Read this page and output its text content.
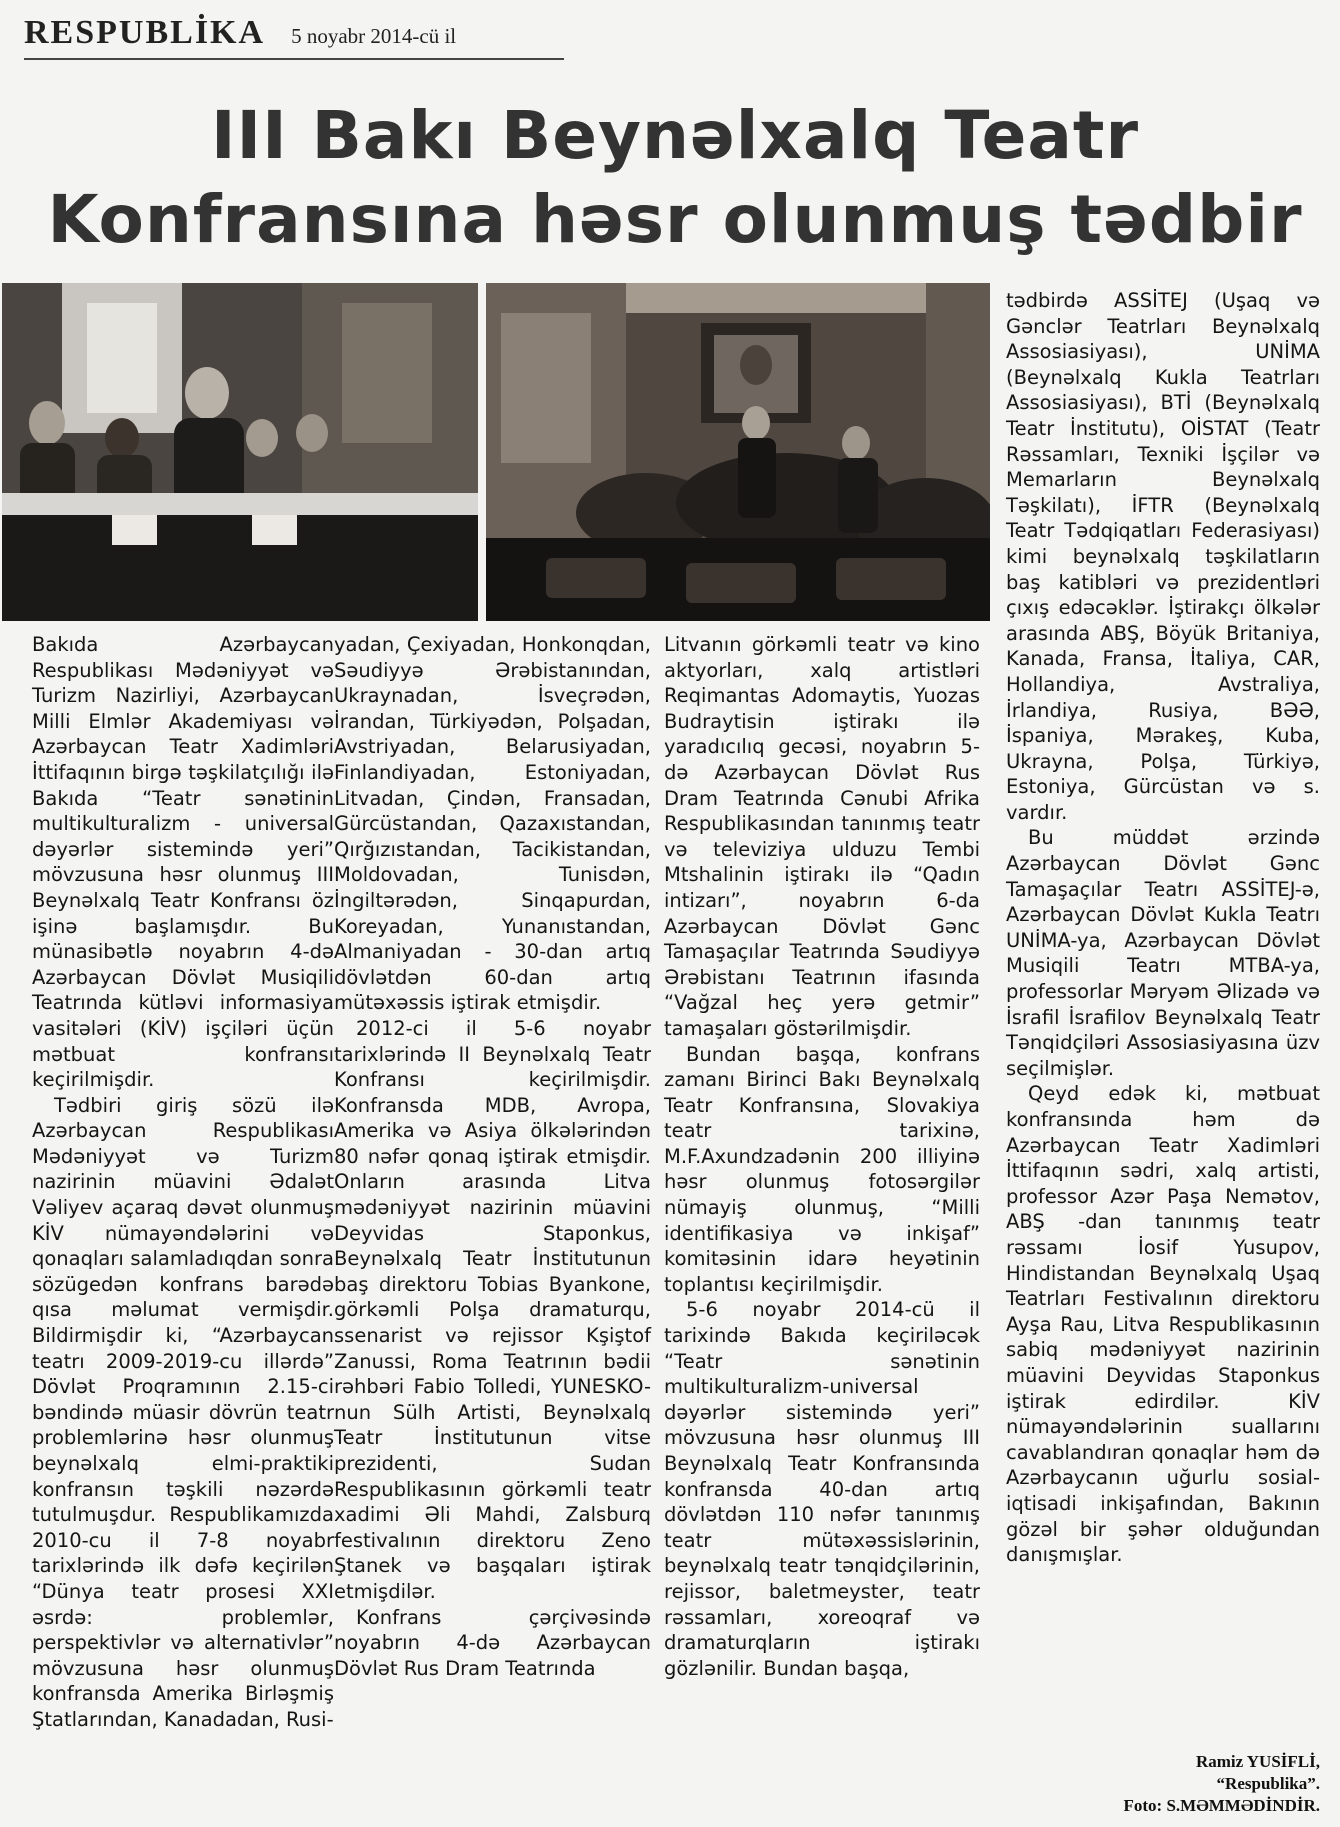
RESPUBLİKA 5 noyabr 2014-cü il
III Bakı Beynəlxalq Teatr
Konfransına həsr olunmuş tədbir

Bakıda Azərbaycan Respublikası Mədəniyyət və Turizm Nazirliyi, Azərbaycan Milli Elmlər Akademiyası və Azərbaycan Teatr Xadimləri İttifaqının birgə təşkilatçılığı ilə Bakıda “Teatr sənətinin multikulturalizm - universal dəyərlər sistemində yeri” mövzusuna həsr olunmuş III Beynəlxalq Teatr Konfransı öz işinə başlamışdır. Bu münasibətlə noyabrın 4-də Azərbaycan Dövlət Musiqili Teatrında kütləvi informasiya vasitələri (KİV) işçiləri üçün mətbuat konfransı keçirilmişdir.

Tədbiri giriş sözü ilə Azərbaycan Respublikası Mədəniyyət və Turizm nazirinin müavini Ədalət Vəliyev açaraq dəvət olunmuş KİV nümayəndələrini və qonaqları salamladıqdan sonra sözügedən konfrans barədə qısa məlumat vermişdir. Bildirmişdir ki, “Azərbaycan teatrı 2009-2019-cu illərdə” Dövlət Proqramının 2.15-ci bəndində müasir dövrün teatr problemlərinə həsr olunmuş beynəlxalq elmi-praktiki konfransın təşkili nəzərdə tutulmuşdur. Respublikamızda 2010-cu il 7-8 noyabr tarixlərində ilk dəfə keçirilən “Dünya teatr prosesi XXI əsrdə: problemlər, perspektivlər və alternativlər” mövzusuna həsr olunmuş konfransda Amerika Birləşmiş Ştatlarından, Kanadadan, Rusi-

yadan, Çexiyadan, Honkonqdan, Səudiyyə Ərəbistanından, Ukraynadan, İsveçrədən, İrandan, Türkiyədən, Polşadan, Avstriyadan, Belarusiyadan, Finlandiyadan, Estoniyadan, Litvadan, Çindən, Fransadan, Gürcüstandan, Qazaxıstandan, Qırğızıstandan, Tacikistandan, Moldovadan, Tunisdən, İngiltərədən, Sinqapurdan, Koreyadan, Yunanıstandan, Almaniyadan - 30-dan artıq dövlətdən 60-dan artıq mütəxəssis iştirak etmişdir.

2012-ci il 5-6 noyabr tarixlərində II Beynəlxalq Teatr Konfransı keçirilmişdir. Konfransda MDB, Avropa, Amerika və Asiya ölkələrindən 80 nəfər qonaq iştirak etmişdir. Onların arasında Litva mədəniyyət nazirinin müavini Deyvidas Staponkus, Beynəlxalq Teatr İnstitutunun baş direktoru Tobias Byankone, görkəmli Polşa dramaturqu, ssenarist və rejissor Kşiştof Zanussi, Roma Teatrının bədii rəhbəri Fabio Tolledi, YUNESKO-nun Sülh Artisti, Beynəlxalq Teatr İnstitutunun vitse prezidenti, Sudan Respublikasının görkəmli teatr xadimi Əli Mahdi, Zalsburq festivalının direktoru Zeno Ştanek və başqaları iştirak etmişdilər.

Konfrans çərçivəsində noyabrın 4-də Azərbaycan Dövlət Rus Dram Teatrında

Litvanın görkəmli teatr və kino aktyorları, xalq artistləri Reqimantas Adomaytis, Yuozas Budraytisin iştirakı ilə yaradıcılıq gecəsi, noyabrın 5-də Azərbaycan Dövlət Rus Dram Teatrında Cənubi Afrika Respublikasından tanınmış teatr və televiziya ulduzu Tembi Mtshalinin iştirakı ilə “Qadın intizarı”, noyabrın 6-da Azərbaycan Dövlət Gənc Tamaşaçılar Teatrında Səudiyyə Ərəbistanı Teatrının ifasında “Vağzal heç yerə getmir” tamaşaları göstərilmişdir.

Bundan başqa, konfrans zamanı Birinci Bakı Beynəlxalq Teatr Konfransına, Slovakiya teatr tarixinə, M.F.Axundzadənin 200 illiyinə həsr olunmuş fotosərgilər nümayiş olunmuş, “Milli identifikasiya və inkişaf” komitəsinin idarə heyətinin toplantısı keçirilmişdir.

5-6 noyabr 2014-cü il tarixində Bakıda keçiriləcək “Teatr sənətinin multikulturalizm-universal dəyərlər sistemində yeri” mövzusuna həsr olunmuş III Beynəlxalq Teatr Konfransında konfransda 40-dan artıq dövlətdən 110 nəfər tanınmış teatr mütəxəssislərinin, beynəlxalq teatr tənqidçilərinin, rejissor, baletmeyster, teatr rəssamları, xoreoqraf və dramaturqların iştirakı gözlənilir. Bundan başqa,

tədbirdə ASSİTEJ (Uşaq və Gənclər Teatrları Beynəlxalq Assosiasiyası), UNİMA (Beynəlxalq Kukla Teatrları Assosiasiyası), BTİ (Beynəlxalq Teatr İnstitutu), OİSTAT (Teatr Rəssamları, Texniki İşçilər və Memarların Beynəlxalq Təşkilatı), İFTR (Beynəlxalq Teatr Tədqiqatları Federasiyası) kimi beynəlxalq təşkilatların baş katibləri və prezidentləri çıxış edəcəklər. İştirakçı ölkələr arasında ABŞ, Böyük Britaniya, Kanada, Fransa, İtaliya, CAR, Hollandiya, Avstraliya, İrlandiya, Rusiya, BƏƏ, İspaniya, Mərakeş, Kuba, Ukrayna, Polşa, Türkiyə, Estoniya, Gürcüstan və s. vardır.

Bu müddət ərzində Azərbaycan Dövlət Gənc Tamaşaçılar Teatrı ASSİTEJ-ə, Azərbaycan Dövlət Kukla Teatrı UNİMA-ya, Azərbaycan Dövlət Musiqili Teatrı MTBA-ya, professorlar Məryəm Əlizadə və İsrafil İsrafilov Beynəlxalq Teatr Tənqidçiləri Assosiasiyasına üzv seçilmişlər.

Qeyd edək ki, mətbuat konfransında həm də Azərbaycan Teatr Xadimləri İttifaqının sədri, xalq artisti, professor Azər Paşa Nemətov, ABŞ -dan tanınmış teatr rəssamı İosif Yusupov, Hindistandan Beynəlxalq Uşaq Teatrları Festivalının direktoru Ayşa Rau, Litva Respublikasının sabiq mədəniyyət nazirinin müavini Deyvidas Staponkus iştirak edirdilər. KİV nümayəndələrinin suallarını cavablandıran qonaqlar həm də Azərbaycanın uğurlu sosial-iqtisadi inkişafından, Bakının gözəl bir şəhər olduğundan danışmışlar.

Ramiz YUSİFLİ,
“Respublika”.
Foto: S.MƏMMƏDİNDİR.
